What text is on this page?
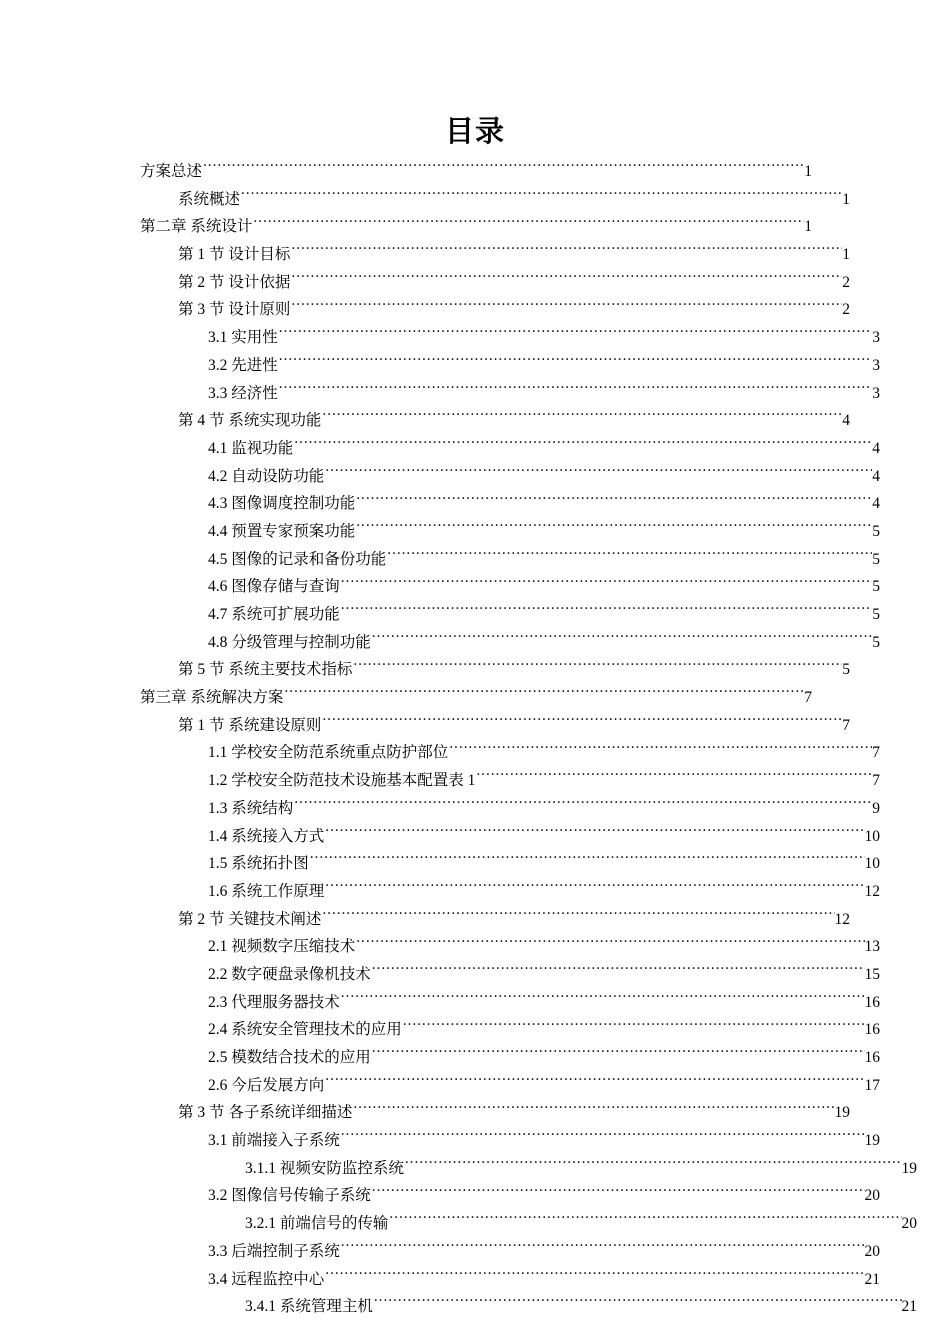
目录
方案总述 .....	1
系统概述 .....	1
第二章 系统设计 .....	1
第 1 节 设计目标 .....	1
第 2 节 设计依据 .....	2
第 3 节 设计原则 .....	2
3.1 实用性 .....	3
3.2 先进性 .....	3
3.3 经济性 .....	3
第 4 节 系统实现功能 .....	4
4.1 监视功能 .....	4
4.2 自动设防功能 .....	4
4.3 图像调度控制功能 .....	4
4.4 预置专家预案功能 .....	5
4.5 图像的记录和备份功能 .....	5
4.6 图像存储与查询 .....	5
4.7 系统可扩展功能 .....	5
4.8 分级管理与控制功能 .....	5
第 5 节 系统主要技术指标 .....	5
第三章 系统解决方案 .....	7
第 1 节 系统建设原则 .....	7
1.1 学校安全防范系统重点防护部位 .....	7
1.2 学校安全防范技术设施基本配置表 1 .....	7
1.3 系统结构 .....	9
1.4 系统接入方式 .....	10
1.5 系统拓扑图 .....	10
1.6 系统工作原理 .....	12
第 2 节 关键技术阐述 .....	12
2.1 视频数字压缩技术 .....	13
2.2 数字硬盘录像机技术 .....	15
2.3 代理服务器技术 .....	16
2.4 系统安全管理技术的应用 .....	16
2.5 模数结合技术的应用 .....	16
2.6 今后发展方向 .....	17
第 3 节 各子系统详细描述 .....	19
3.1 前端接入子系统 .....	19
3.1.1 视频安防监控系统 .....	19
3.2 图像信号传输子系统 .....	20
3.2.1 前端信号的传输 .....	20
3.3 后端控制子系统 .....	20
3.4 远程监控中心 .....	21
3.4.1 系统管理主机 .....	21
